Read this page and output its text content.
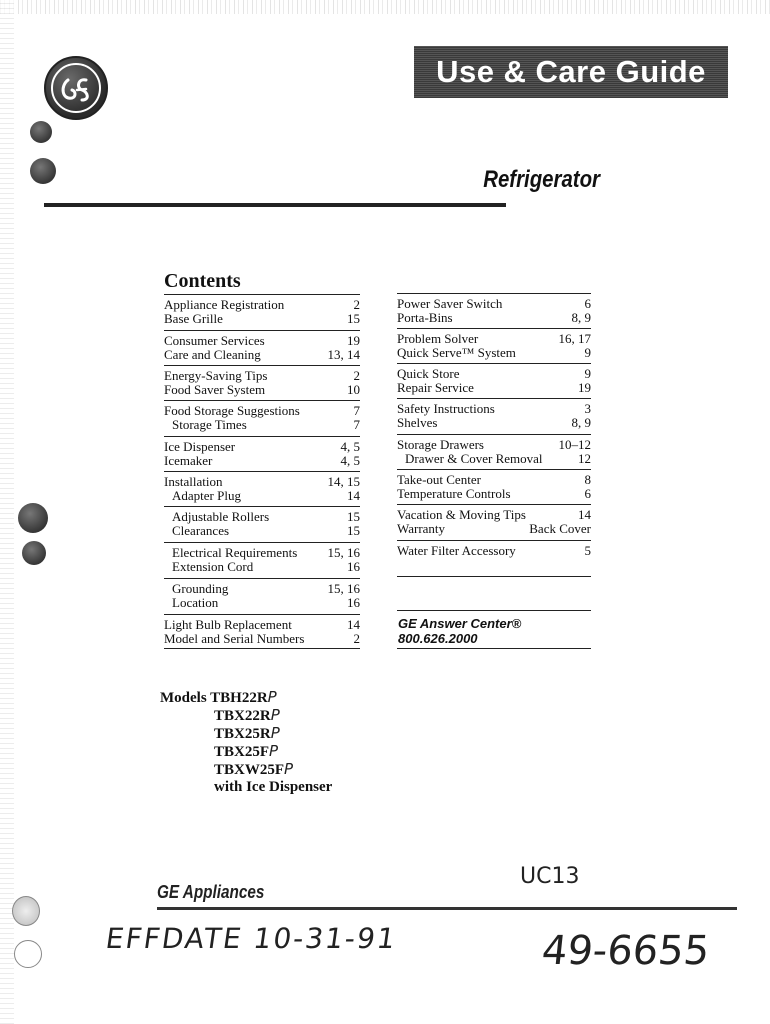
Use & Care Guide
Refrigerator
Contents
Appliance Registration	2
Base Grille	15
Consumer Services	19
Care and Cleaning	13, 14
Energy-Saving Tips	2
Food Saver System	10
Food Storage Suggestions	7
Storage Times	7
Ice Dispenser	4, 5
Icemaker	4, 5
Installation	14, 15
Adapter Plug	14
Adjustable Rollers	15
Clearances	15
Electrical Requirements 15, 16
Extension Cord	16
Grounding	15, 16
Location	16
Light Bulb Replacement	14
Model and Serial Numbers	2
Power Saver Switch	6
Porta-Bins	8, 9
Problem Solver	16, 17
Quick Serve™ System	9
Quick Store	9
Repair Service	19
Safety Instructions	3
Shelves	8, 9
Storage Drawers	10–12
Drawer & Cover Removal	12
Take-out Center	8
Temperature Controls	6
Vacation & Moving Tips	14
Warranty	Back Cover
Water Filter Accessory	5
GE Answer Center®
800.626.2000
Models TBH22RP
TBX22RP
TBX25RP
TBX25FP
TBXW25FP
with Ice Dispenser
UC13
GE Appliances
EFFDATE 10-31-91	49-6655
